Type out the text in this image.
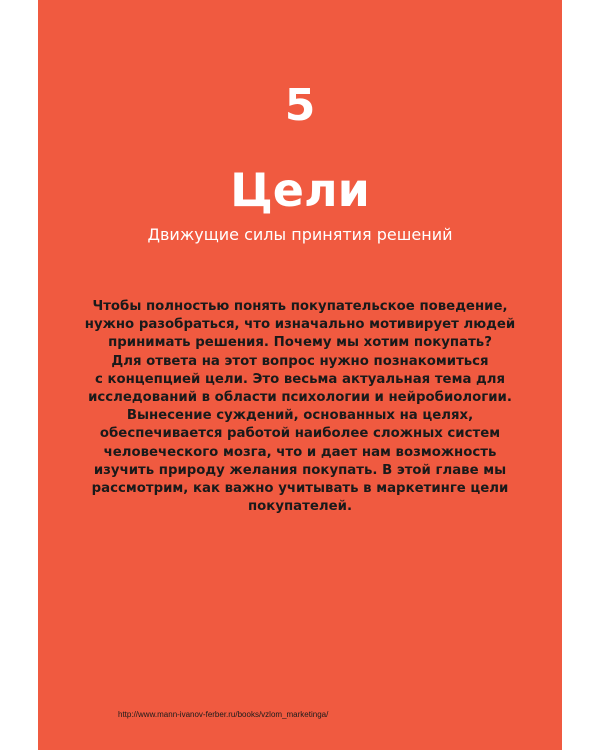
5
Цели
Движущие силы принятия решений

Чтобы полностью понять покупательское поведение,
нужно разобраться, что изначально мотивирует людей
принимать решения. Почему мы хотим покупать?
Для ответа на этот вопрос нужно познакомиться
с концепцией цели. Это весьма актуальная тема для
исследований в области психологии и нейробиологии.
Вынесение суждений, основанных на целях,
обеспечивается работой наиболее сложных систем
человеческого мозга, что и дает нам возможность
изучить природу желания покупать. В этой главе мы
рассмотрим, как важно учитывать в маркетинге цели
покупателей.

http://www.mann-ivanov-ferber.ru/books/vzlom_marketinga/
